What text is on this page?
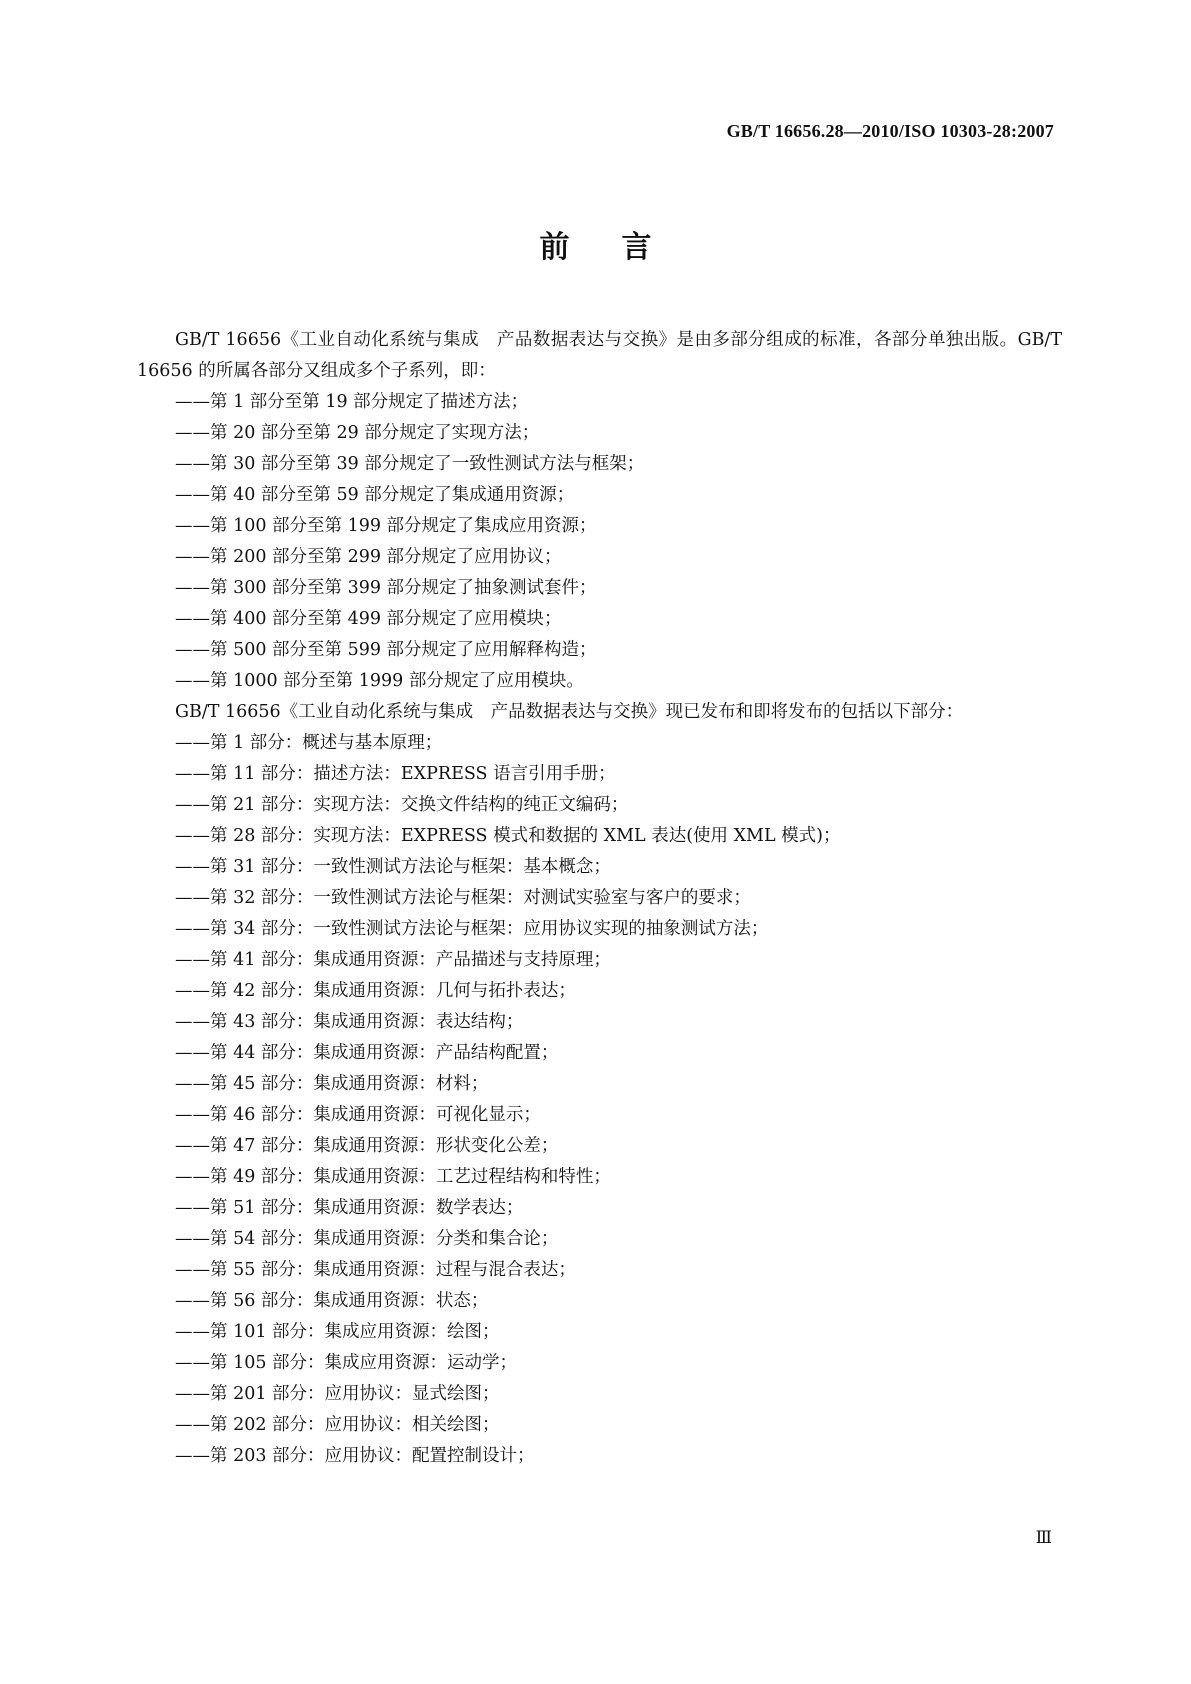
GB/T 16656.28—2010/ISO 10303-28:2007
前言

GB/T 16656《工业自动化系统与集成　产品数据表达与交换》是由多部分组成的标准，各部分单独出版。GB/T 16656 的所属各部分又组成多个子系列，即：

——第 1 部分至第 19 部分规定了描述方法；
——第 20 部分至第 29 部分规定了实现方法；
——第 30 部分至第 39 部分规定了一致性测试方法与框架；
——第 40 部分至第 59 部分规定了集成通用资源；
——第 100 部分至第 199 部分规定了集成应用资源；
——第 200 部分至第 299 部分规定了应用协议；
——第 300 部分至第 399 部分规定了抽象测试套件；
——第 400 部分至第 499 部分规定了应用模块；
——第 500 部分至第 599 部分规定了应用解释构造；
——第 1000 部分至第 1999 部分规定了应用模块。

GB/T 16656《工业自动化系统与集成　产品数据表达与交换》现已发布和即将发布的包括以下部分：

——第 1 部分：概述与基本原理；
——第 11 部分：描述方法：EXPRESS 语言引用手册；
——第 21 部分：实现方法：交换文件结构的纯正文编码；
——第 28 部分：实现方法：EXPRESS 模式和数据的 XML 表达(使用 XML 模式)；
——第 31 部分：一致性测试方法论与框架：基本概念；
——第 32 部分：一致性测试方法论与框架：对测试实验室与客户的要求；
——第 34 部分：一致性测试方法论与框架：应用协议实现的抽象测试方法；
——第 41 部分：集成通用资源：产品描述与支持原理；
——第 42 部分：集成通用资源：几何与拓扑表达；
——第 43 部分：集成通用资源：表达结构；
——第 44 部分：集成通用资源：产品结构配置；
——第 45 部分：集成通用资源：材料；
——第 46 部分：集成通用资源：可视化显示；
——第 47 部分：集成通用资源：形状变化公差；
——第 49 部分：集成通用资源：工艺过程结构和特性；
——第 51 部分：集成通用资源：数学表达；
——第 54 部分：集成通用资源：分类和集合论；
——第 55 部分：集成通用资源：过程与混合表达；
——第 56 部分：集成通用资源：状态；
——第 101 部分：集成应用资源：绘图；
——第 105 部分：集成应用资源：运动学；
——第 201 部分：应用协议：显式绘图；
——第 202 部分：应用协议：相关绘图；
——第 203 部分：应用协议：配置控制设计；
Ⅲ
